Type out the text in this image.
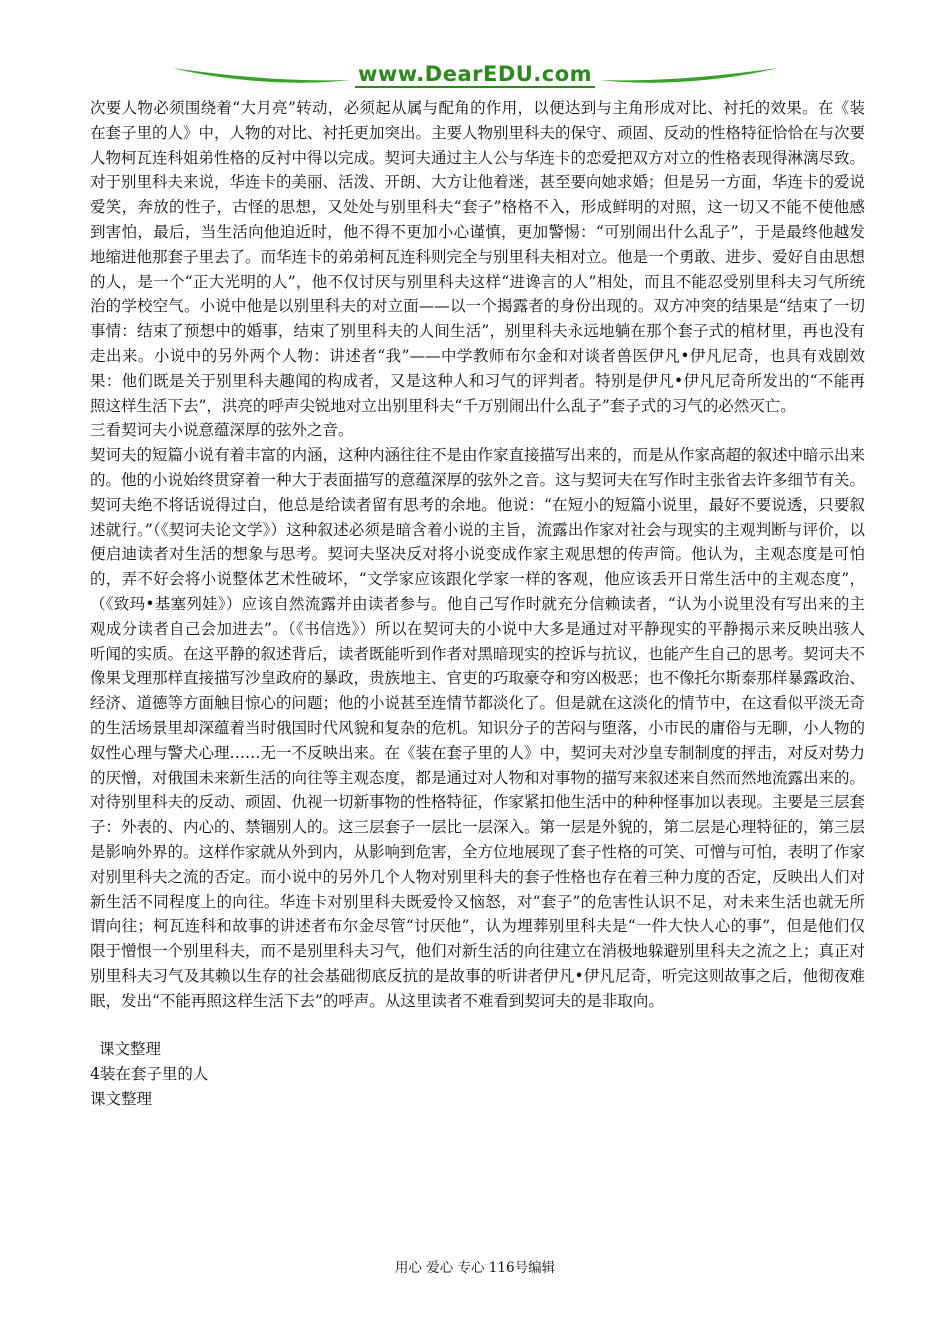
www.DearEDU.com

次要人物必须围绕着“大月亮”转动，必须起从属与配角的作用，以便达到与主角形成对比、衬托的效果。在《装在套子里的人》中，人物的对比、衬托更加突出。主要人物别里科夫的保守、顽固、反动的性格特征恰恰在与次要人物柯瓦连科姐弟性格的反衬中得以完成。契诃夫通过主人公与华连卡的恋爱把双方对立的性格表现得淋漓尽致。对于别里科夫来说，华连卡的美丽、活泼、开朗、大方让他着迷，甚至要向她求婚；但是另一方面，华连卡的爱说爱笑，奔放的性子，古怪的思想，又处处与别里科夫“套子”格格不入，形成鲜明的对照，这一切又不能不使他感到害怕，最后，当生活向他迫近时，他不得不更加小心谨慎，更加警惕：“可别闹出什么乱子”，于是最终他越发地缩进他那套子里去了。而华连卡的弟弟柯瓦连科则完全与别里科夫相对立。他是一个勇敢、进步、爱好自由思想的人，是一个“正大光明的人”，他不仅讨厌与别里科夫这样“进谗言的人”相处，而且不能忍受别里科夫习气所统治的学校空气。小说中他是以别里科夫的对立面——以一个揭露者的身份出现的。双方冲突的结果是“结束了一切事情：结束了预想中的婚事，结束了别里科夫的人间生活”，别里科夫永远地躺在那个套子式的棺材里，再也没有走出来。小说中的另外两个人物：讲述者“我”——中学教师布尔金和对谈者兽医伊凡•伊凡尼奇，也具有戏剧效果：他们既是关于别里科夫趣闻的构成者，又是这种人和习气的评判者。特别是伊凡•伊凡尼奇所发出的“不能再照这样生活下去”，洪亮的呼声尖锐地对立出别里科夫“千万别闹出什么乱子”套子式的习气的必然灭亡。

三看契诃夫小说意蕴深厚的弦外之音。

契诃夫的短篇小说有着丰富的内涵，这种内涵往往不是由作家直接描写出来的，而是从作家高超的叙述中暗示出来的。他的小说始终贯穿着一种大于表面描写的意蕴深厚的弦外之音。这与契诃夫在写作时主张省去许多细节有关。契诃夫绝不将话说得过白，他总是给读者留有思考的余地。他说：“在短小的短篇小说里，最好不要说透，只要叙述就行。”（《契诃夫论文学》）这种叙述必须是暗含着小说的主旨，流露出作家对社会与现实的主观判断与评价，以便启迪读者对生活的想象与思考。契诃夫坚决反对将小说变成作家主观思想的传声筒。他认为，主观态度是可怕的，弄不好会将小说整体艺术性破坏，“文学家应该跟化学家一样的客观，他应该丢开日常生活中的主观态度”，（《致玛•基塞列娃》）应该自然流露并由读者参与。他自己写作时就充分信赖读者，“认为小说里没有写出来的主观成分读者自己会加进去”。（《书信选》）所以在契诃夫的小说中大多是通过对平静现实的平静揭示来反映出骇人听闻的实质。在这平静的叙述背后，读者既能听到作者对黑暗现实的控诉与抗议，也能产生自己的思考。契诃夫不像果戈理那样直接描写沙皇政府的暴政，贵族地主、官吏的巧取豪夺和穷凶极恶；也不像托尔斯泰那样暴露政治、经济、道德等方面触目惊心的问题；他的小说甚至连情节都淡化了。但是就在这淡化的情节中，在这看似平淡无奇的生活场景里却深蕴着当时俄国时代风貌和复杂的危机。知识分子的苦闷与堕落，小市民的庸俗与无聊，小人物的奴性心理与警犬心理……无一不反映出来。在《装在套子里的人》中，契诃夫对沙皇专制制度的抨击，对反对势力的厌憎，对俄国未来新生活的向往等主观态度，都是通过对人物和对事物的描写来叙述来自然而然地流露出来的。对待别里科夫的反动、顽固、仇视一切新事物的性格特征，作家紧扣他生活中的种种怪事加以表现。主要是三层套子：外表的、内心的、禁锢别人的。这三层套子一层比一层深入。第一层是外貌的，第二层是心理特征的，第三层是影响外界的。这样作家就从外到内，从影响到危害，全方位地展现了套子性格的可笑、可憎与可怕，表明了作家对别里科夫之流的否定。而小说中的另外几个人物对别里科夫的套子性格也存在着三种力度的否定，反映出人们对新生活不同程度上的向往。华连卡对别里科夫既爱怜又恼怒，对“套子”的危害性认识不足，对未来生活也就无所谓向往；柯瓦连科和故事的讲述者布尔金尽管“讨厌他”，认为埋葬别里科夫是“一件大快人心的事”，但是他们仅限于憎恨一个别里科夫，而不是别里科夫习气，他们对新生活的向往建立在消极地躲避别里科夫之流之上；真正对别里科夫习气及其赖以生存的社会基础彻底反抗的是故事的听讲者伊凡•伊凡尼奇，听完这则故事之后，他彻夜难眠，发出“不能再照这样生活下去”的呼声。从这里读者不难看到契诃夫的是非取向。

课文整理

4装在套子里的人

课文整理

用心 爱心 专心 116号编辑
